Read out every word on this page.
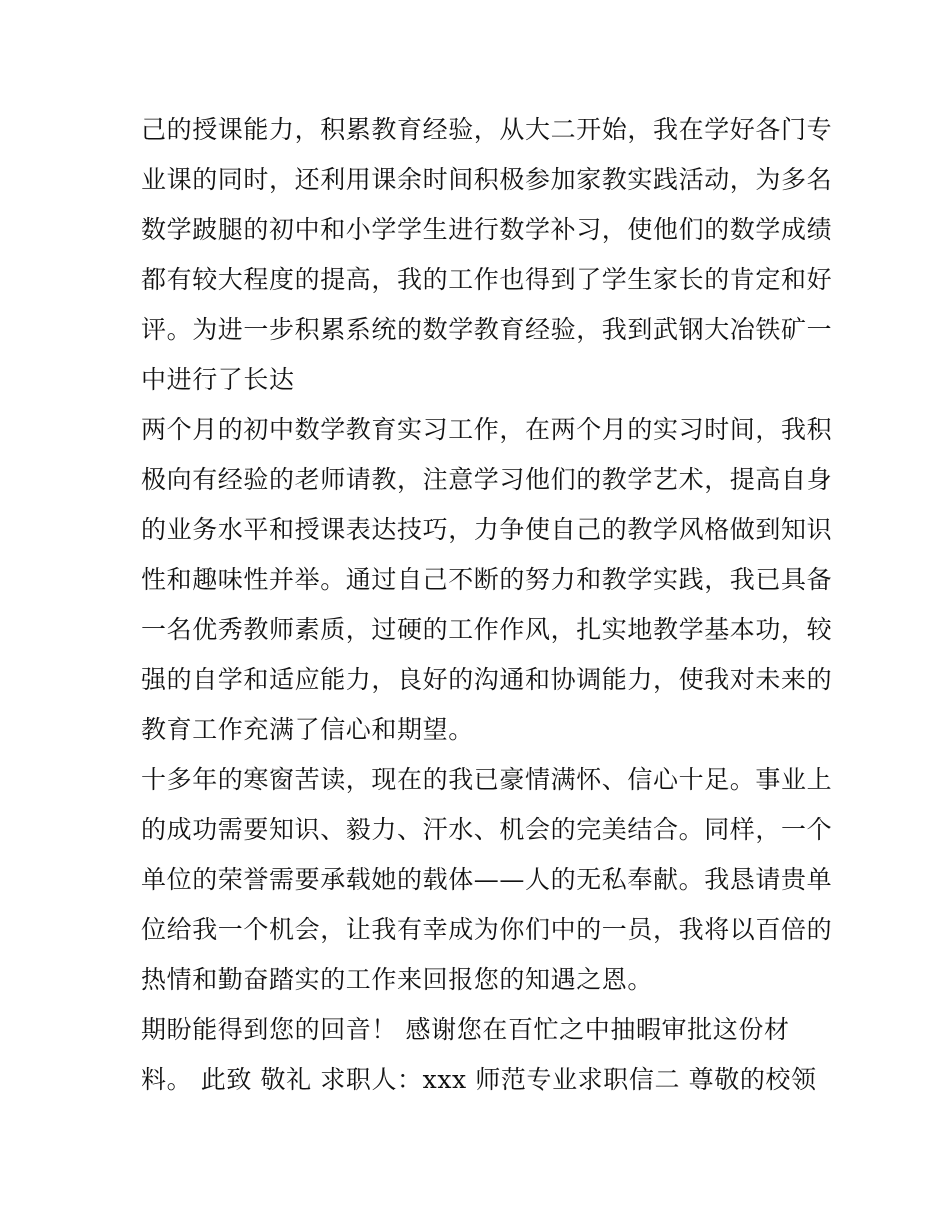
己的授课能力，积累教育经验，从大二开始，我在学好各门专
业课的同时，还利用课余时间积极参加家教实践活动，为多名
数学跛腿的初中和小学学生进行数学补习，使他们的数学成绩
都有较大程度的提高，我的工作也得到了学生家长的肯定和好
评。为进一步积累系统的数学教育经验，我到武钢大冶铁矿一
中进行了长达
两个月的初中数学教育实习工作，在两个月的实习时间，我积
极向有经验的老师请教，注意学习他们的教学艺术，提高自身
的业务水平和授课表达技巧，力争使自己的教学风格做到知识
性和趣味性并举。通过自己不断的努力和教学实践，我已具备
一名优秀教师素质，过硬的工作作风，扎实地教学基本功，较
强的自学和适应能力，良好的沟通和协调能力，使我对未来的
教育工作充满了信心和期望。
十多年的寒窗苦读，现在的我已豪情满怀、信心十足。事业上
的成功需要知识、毅力、汗水、机会的完美结合。同样，一个
单位的荣誉需要承载她的载体——人的无私奉献。我恳请贵单
位给我一个机会，让我有幸成为你们中的一员，我将以百倍的
热情和勤奋踏实的工作来回报您的知遇之恩。
期盼能得到您的回音！ 感谢您在百忙之中抽暇审批这份材
料。 此致 敬礼 求职人：xxx 师范专业求职信二 尊敬的校领
